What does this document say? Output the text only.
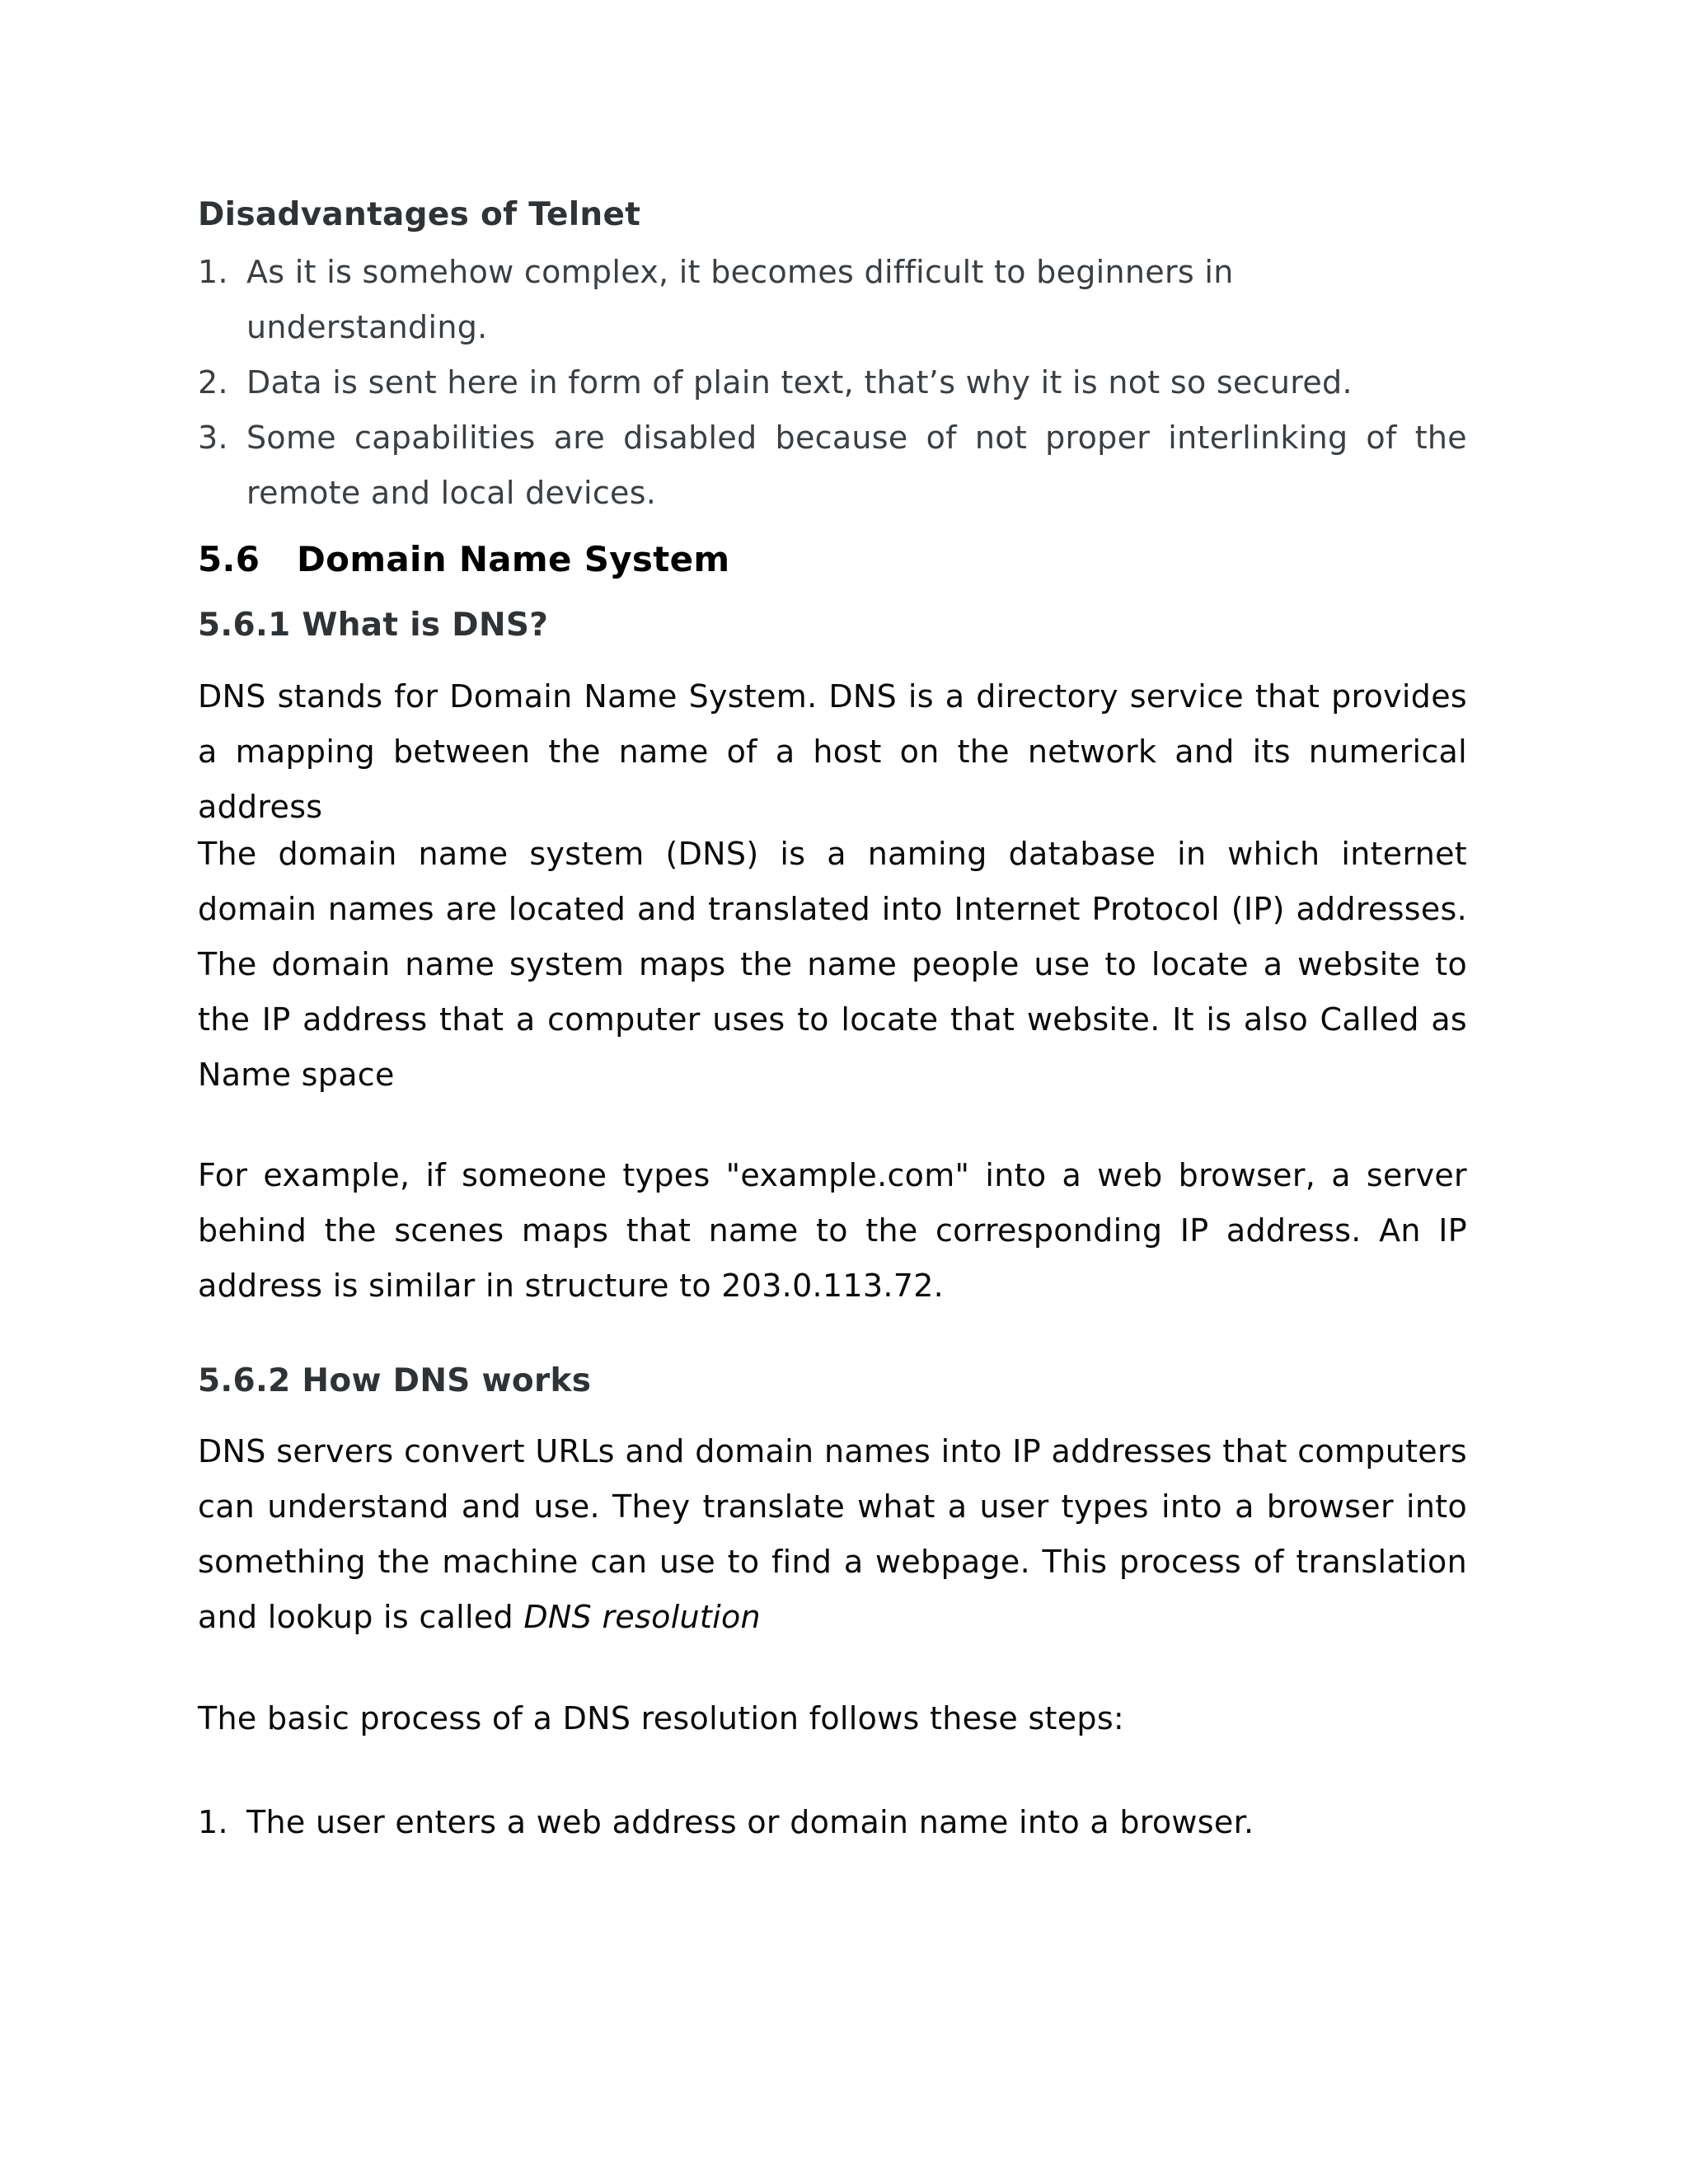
Disadvantages of Telnet
1. As it is somehow complex, it becomes difficult to beginners in understanding.
2. Data is sent here in form of plain text, that’s why it is not so secured.
3. Some capabilities are disabled because of not proper interlinking of the remote and local devices.
5.6 Domain Name System
5.6.1 What is DNS?

DNS stands for Domain Name System. DNS is a directory service that provides a mapping between the name of a host on the network and its numerical address

The domain name system (DNS) is a naming database in which internet domain names are located and translated into Internet Protocol (IP) addresses. The domain name system maps the name people use to locate a website to the IP address that a computer uses to locate that website. It is also Called as Name space

For example, if someone types "example.com" into a web browser, a server behind the scenes maps that name to the corresponding IP address. An IP address is similar in structure to 203.0.113.72.

5.6.2 How DNS works

DNS servers convert URLs and domain names into IP addresses that computers can understand and use. They translate what a user types into a browser into something the machine can use to find a webpage. This process of translation and lookup is called DNS resolution

The basic process of a DNS resolution follows these steps:

1. The user enters a web address or domain name into a browser.
